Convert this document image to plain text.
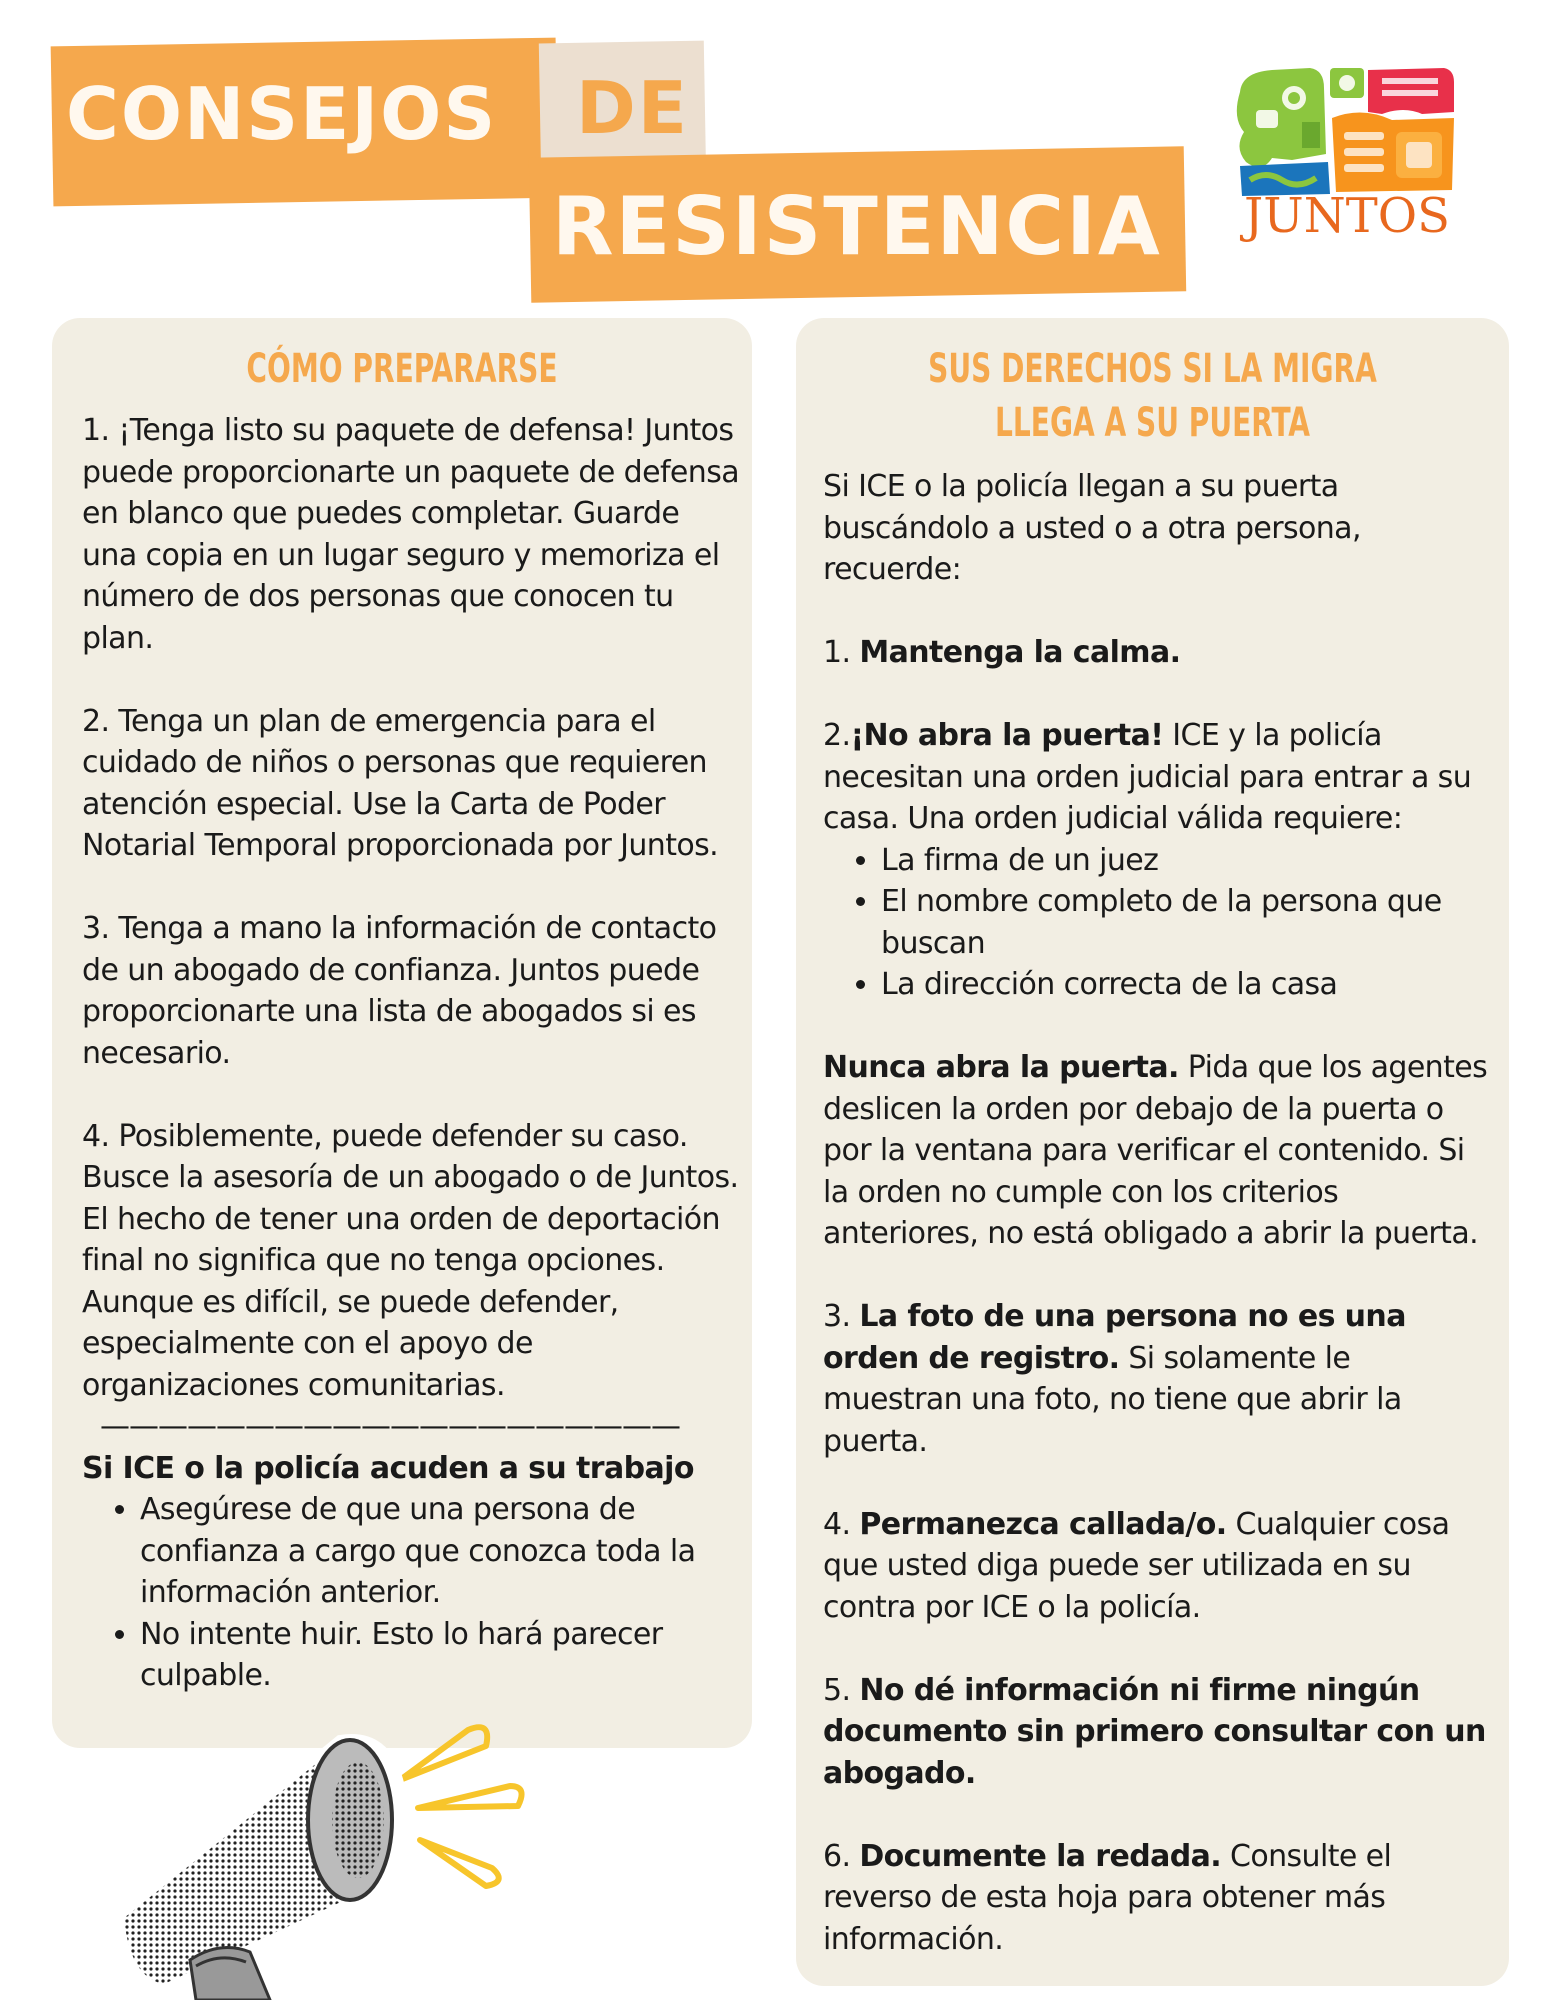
CONSEJOS DE
RESISTENCIA JUNTOS
CÓMO PREPARARSE

1. ¡Tenga listo su paquete de defensa! Juntos puede proporcionarte un paquete de defensa en blanco que puedes completar. Guarde una copia en un lugar seguro y memoriza el número de dos personas que conocen tu plan.

2. Tenga un plan de emergencia para el cuidado de niños o personas que requieren atención especial. Use la Carta de Poder Notarial Temporal proporcionada por Juntos.

3. Tenga a mano la información de contacto de un abogado de confianza. Juntos puede proporcionarte una lista de abogados si es necesario.

4. Posiblemente, puede defender su caso. Busce la asesoría de un abogado o de Juntos. El hecho de tener una orden de deportación final no significa que no tenga opciones. Aunque es difícil, se puede defender, especialmente con el apoyo de organizaciones comunitarias.

————————————————————
Si ICE o la policía acuden a su trabajo
• Asegúrese de que una persona de confianza a cargo que conozca toda la información anterior.
• No intente huir. Esto lo hará parecer culpable.
SUS DERECHOS SI LA MIGRA
LLEGA A SU PUERTA

Si ICE o la policía llegan a su puerta buscándolo a usted o a otra persona, recuerde:

1. Mantenga la calma.

2.¡No abra la puerta! ICE y la policía necesitan una orden judicial para entrar a su casa. Una orden judicial válida requiere:

• La firma de un juez
• El nombre completo de la persona que buscan
• La dirección correcta de la casa

Nunca abra la puerta. Pida que los agentes deslicen la orden por debajo de la puerta o por la ventana para verificar el contenido. Si la orden no cumple con los criterios anteriores, no está obligado a abrir la puerta.

3. La foto de una persona no es una orden de registro. Si solamente le muestran una foto, no tiene que abrir la puerta.

4. Permanezca callada/o. Cualquier cosa que usted diga puede ser utilizada en su contra por ICE o la policía.

5. No dé información ni firme ningún documento sin primero consultar con un abogado.

6. Documente la redada. Consulte el reverso de esta hoja para obtener más información.
